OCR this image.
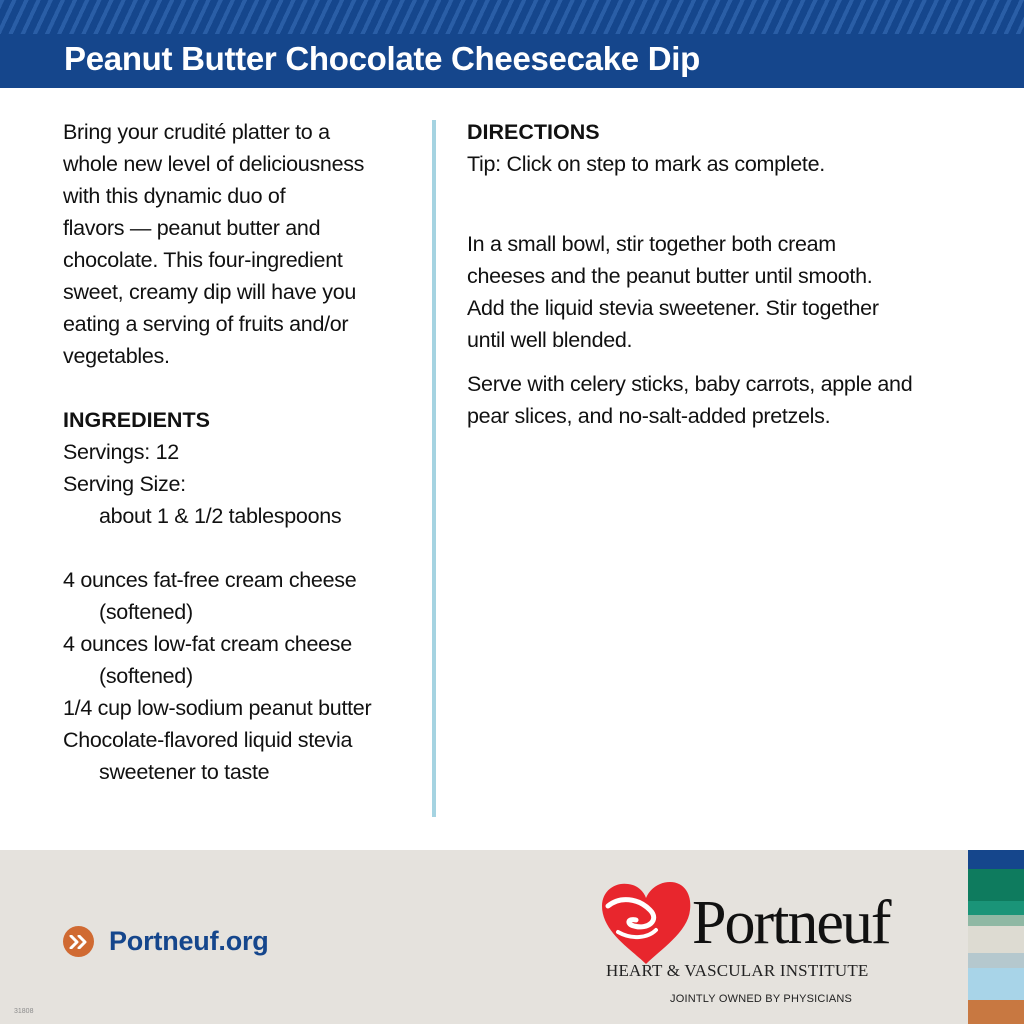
Peanut Butter Chocolate Cheesecake Dip
Bring your crudité platter to a
whole new level of deliciousness
with this dynamic duo of
flavors — peanut butter and
chocolate. This four-ingredient
sweet, creamy dip will have you
eating a serving of fruits and/or
vegetables.
INGREDIENTS
Servings: 12
Serving Size:
about 1 & 1/2 tablespoons
4 ounces fat-free cream cheese
(softened)
4 ounces low-fat cream cheese
(softened)
1/4 cup low-sodium peanut butter
Chocolate-flavored liquid stevia
sweetener to taste
DIRECTIONS
Tip: Click on step to mark as complete.
In a small bowl, stir together both cream
cheeses and the peanut butter until smooth.
Add the liquid stevia sweetener. Stir together
until well blended.
Serve with celery sticks, baby carrots, apple and
pear slices, and no-salt-added pretzels.
Portneuf.org
31808
Portneuf
HEART & VASCULAR INSTITUTE
JOINTLY OWNED BY PHYSICIANS
